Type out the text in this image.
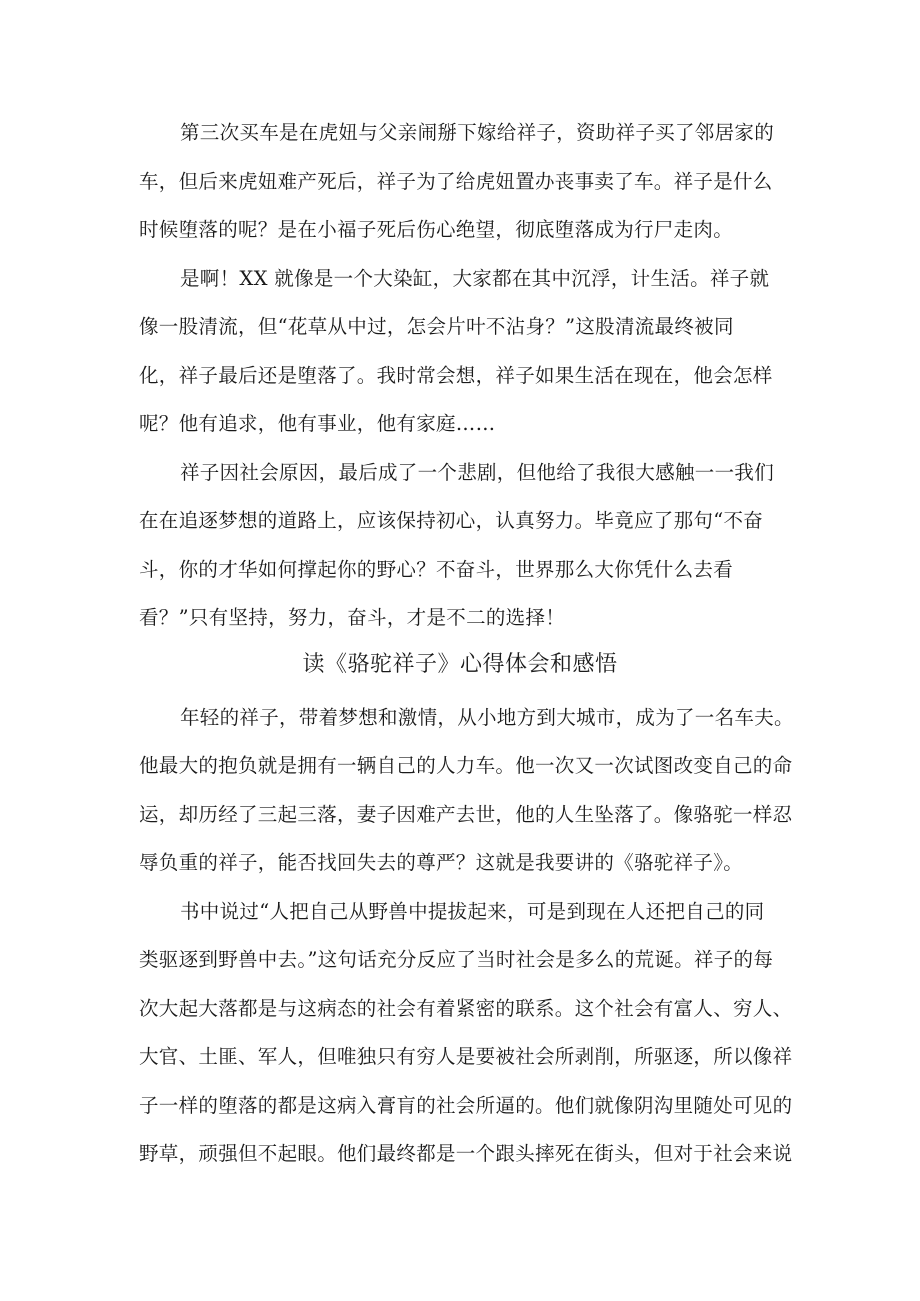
第三次买车是在虎妞与父亲闹掰下嫁给祥子，资助祥子买了邻居家的
车，但后来虎妞难产死后，祥子为了给虎妞置办丧事卖了车。祥子是什么
时候堕落的呢？是在小福子死后伤心绝望，彻底堕落成为行尸走肉。
是啊！XX 就像是一个大染缸，大家都在其中沉浮，计生活。祥子就
像一股清流，但“花草从中过，怎会片叶不沾身？”这股清流最终被同
化，祥子最后还是堕落了。我时常会想，祥子如果生活在现在，他会怎样
呢？他有追求，他有事业，他有家庭……
祥子因社会原因，最后成了一个悲剧，但他给了我很大感触一一我们
在在追逐梦想的道路上，应该保持初心，认真努力。毕竟应了那句“不奋
斗，你的才华如何撑起你的野心？不奋斗，世界那么大你凭什么去看
看？”只有坚持，努力，奋斗，才是不二的选择！
读《骆驼祥子》心得体会和感悟
年轻的祥子，带着梦想和激情，从小地方到大城市，成为了一名车夫。
他最大的抱负就是拥有一辆自己的人力车。他一次又一次试图改变自己的命
运，却历经了三起三落，妻子因难产去世，他的人生坠落了。像骆驼一样忍
辱负重的祥子，能否找回失去的尊严？这就是我要讲的《骆驼祥子》。
书中说过“人把自己从野兽中提拔起来，可是到现在人还把自己的同
类驱逐到野兽中去。”这句话充分反应了当时社会是多么的荒诞。祥子的每
次大起大落都是与这病态的社会有着紧密的联系。这个社会有富人、穷人、
大官、土匪、军人，但唯独只有穷人是要被社会所剥削，所驱逐，所以像祥
子一样的堕落的都是这病入膏肓的社会所逼的。他们就像阴沟里随处可见的
野草，顽强但不起眼。他们最终都是一个跟头摔死在街头，但对于社会来说
